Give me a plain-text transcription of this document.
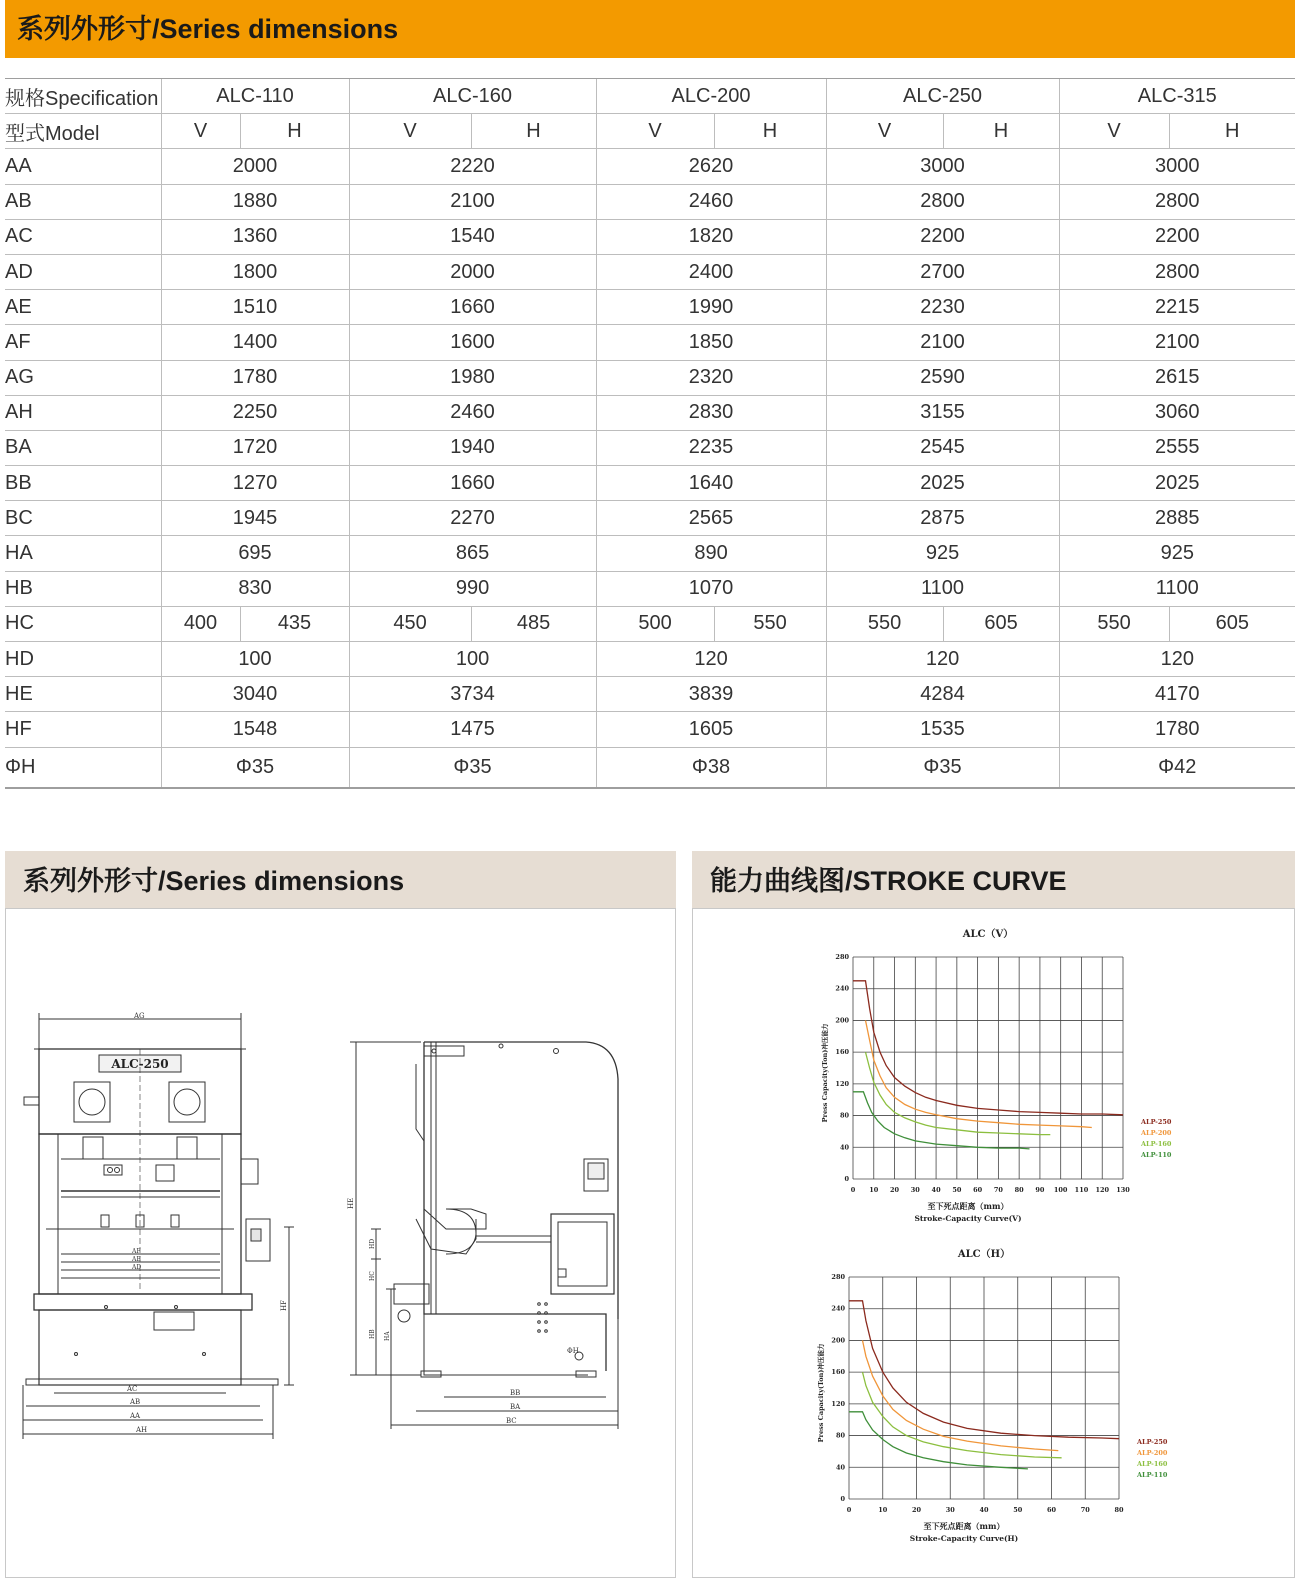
系列外形寸/Series dimensions
规格Specification	ALC-110		ALC-160		ALC-200		ALC-250		ALC-315	
型式Model	V	H	V	H	V	H	V	H	V	H
AA	2000		2220		2620		3000		3000	
AB	1880		2100		2460		2800		2800	
AC	1360		1540		1820		2200		2200	
AD	1800		2000		2400		2700		2800	
AE	1510		1660		1990		2230		2215	
AF	1400		1600		1850		2100		2100	
AG	1780		1980		2320		2590		2615	
AH	2250		2460		2830		3155		3060	
BA	1720		1940		2235		2545		2555	
BB	1270		1660		1640		2025		2025	
BC	1945		2270		2565		2875		2885	
HA	695		865		890		925		925	
HB	830		990		1070		1100		1100	
HC	400	435	450	485	500	550	550	605	550	605
HD	100		100		120		120		120	
HE	3040		3734		3839		4284		4170	
HF	1548		1475		1605		1535		1780	
ΦH	Φ35		Φ35		Φ38		Φ35		Φ42	
系列外形寸/Series dimensions	能力曲线图/STROKE CURVE
AG
ALC-250
AF
AE
AD
HF
AC
AB
AA
AH
HE
ΦH
HD
HC
HB HA
BB
BA
BC
ALC（V）
0 10 20 30 40 50 60 70 80 90 100 110 120 130
0
40
80
120
160
200
240
280
至下死点距离（mm）
Stroke-Capacity Curve(V)
Press Capacity(Ton)冲压能力	ALP-250
ALP-200
ALP-160
ALP-110
ALC（H）
0	10	20	30	40	50	60	70	80
0
40
80
120
160
200
240
280
至下死点距离（mm）
Stroke-Capacity Curve(H)
Press Capacity(Ton)冲压能力	ALP-250
ALP-200
ALP-160
ALP-110
